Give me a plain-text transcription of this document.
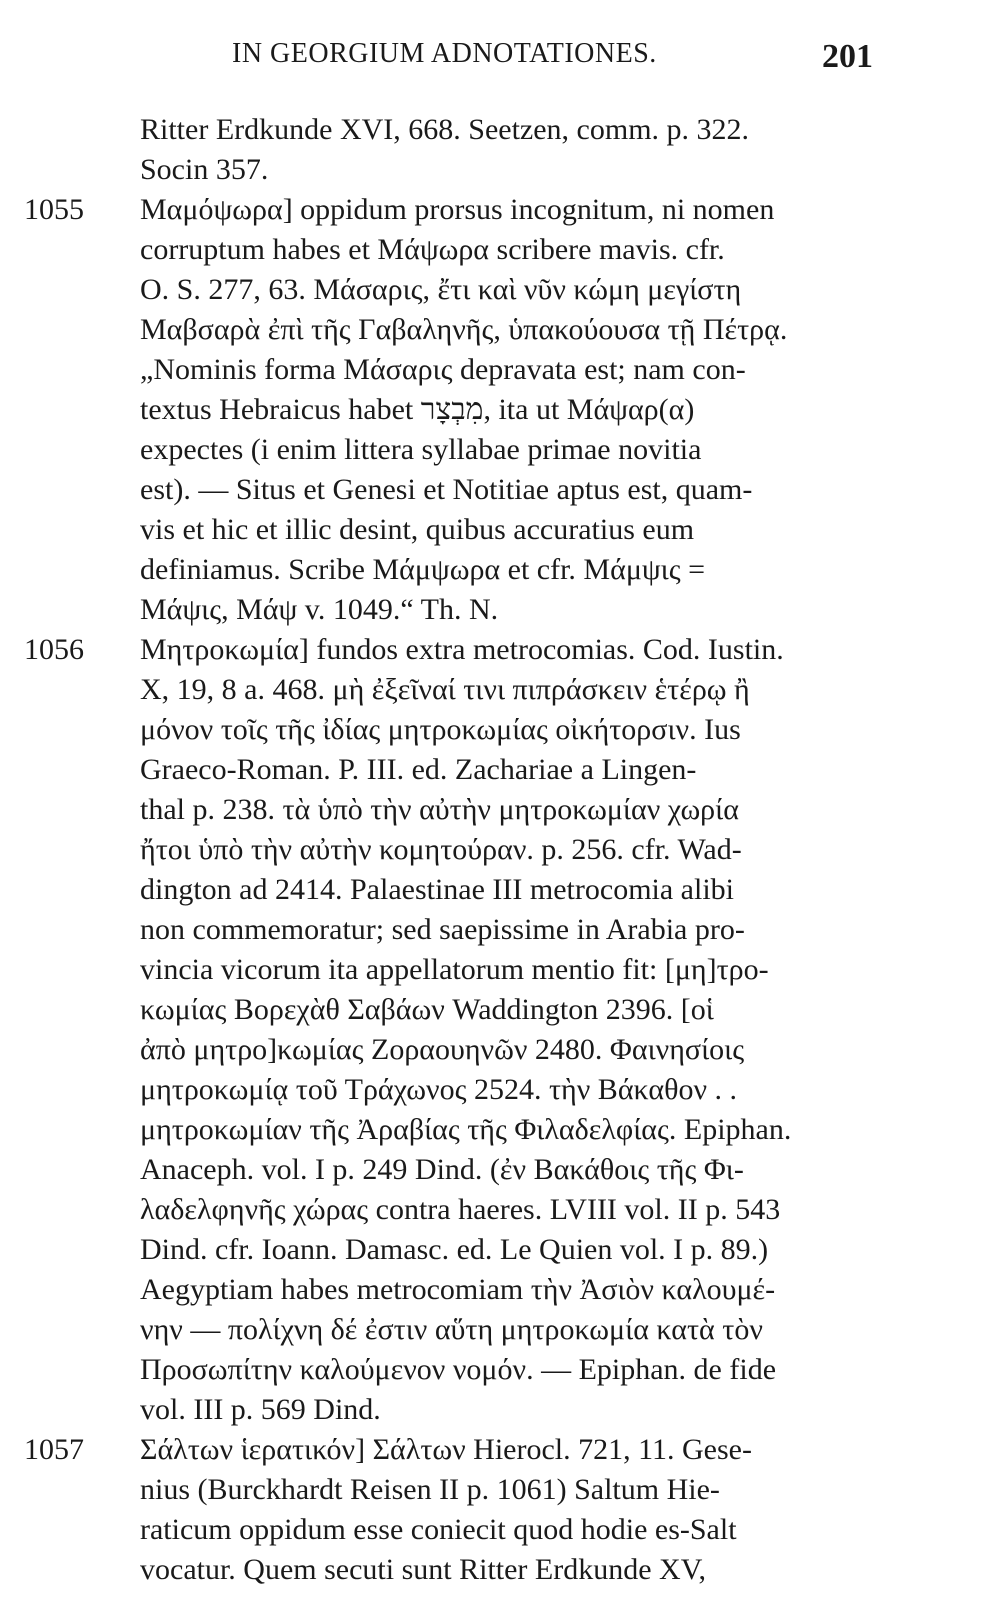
IN GEORGIUM ADNOTATIONES.	201
Ritter Erdkunde XVI, 668. Seetzen, comm. p. 322.
Socin 357.
1055	Μαμόψωρα] oppidum prorsus incognitum, ni nomen
corruptum habes et Μάψωρα scribere mavis. cfr.
O. S. 277, 63. Μάσαρις, ἔτι καὶ νῦν κώμη μεγίστη
Μαβσαρὰ ἐπὶ τῆς Γαβαληνῆς, ὑπακούουσα τῇ Πέτρᾳ.
„Nominis forma Μάσαρις depravata est; nam con-
textus Hebraicus habet מִבְצָר, ita ut Μάψαρ(α)
expectes (i enim littera syllabae primae novitia
est). — Situs et Genesi et Notitiae aptus est, quam-
vis et hic et illic desint, quibus accuratius eum
definiamus. Scribe Μάμψωρα et cfr. Μάμψις =
Μάψις, Μάψ v. 1049.“ Th. N.
1056	Μητροκωμία] fundos extra metrocomias. Cod. Iustin.
X, 19, 8 a. 468. μὴ ἐξεῖναί τινι πιπράσκειν ἑτέρῳ ἢ
μόνον τοῖς τῆς ἰδίας μητροκωμίας οἰκήτορσιν. Ius
Graeco-Roman. P. III. ed. Zachariae a Lingen-
thal p. 238. τὰ ὑπὸ τὴν αὐτὴν μητροκωμίαν χωρία
ἤτοι ὑπὸ τὴν αὐτὴν κομητούραν. p. 256. cfr. Wad-
dington ad 2414. Palaestinae III metrocomia alibi
non commemoratur; sed saepissime in Arabia pro-
vincia vicorum ita appellatorum mentio fit: [μη]τρο-
κωμίας Βορεχὰθ Σαβάων Waddington 2396. [οἱ
ἀπὸ μητρο]κωμίας Ζοραουηνῶν 2480. Φαινησίοις
μητροκωμίᾳ τοῦ Τράχωνος 2524. τὴν Βάκαθον . .
μητροκωμίαν τῆς Ἀραβίας τῆς Φιλαδελφίας. Epiphan.
Anaceph. vol. I p. 249 Dind. (ἐν Βακάθοις τῆς Φι-
λαδελφηνῆς χώρας contra haeres. LVIII vol. II p. 543
Dind. cfr. Ioann. Damasc. ed. Le Quien vol. I p. 89.)
Aegyptiam habes metrocomiam τὴν Ἀσιὸν καλουμέ-
νην — πολίχνη δέ ἐστιν αὕτη μητροκωμία κατὰ τὸν
Προσωπίτην καλούμενον νομόν. — Epiphan. de fide
vol. III p. 569 Dind.
1057	Σάλτων ἱερατικόν] Σάλτων Hierocl. 721, 11. Gese-
nius (Burckhardt Reisen II p. 1061) Saltum Hie-
raticum oppidum esse coniecit quod hodie es-Salt
vocatur. Quem secuti sunt Ritter Erdkunde XV,
